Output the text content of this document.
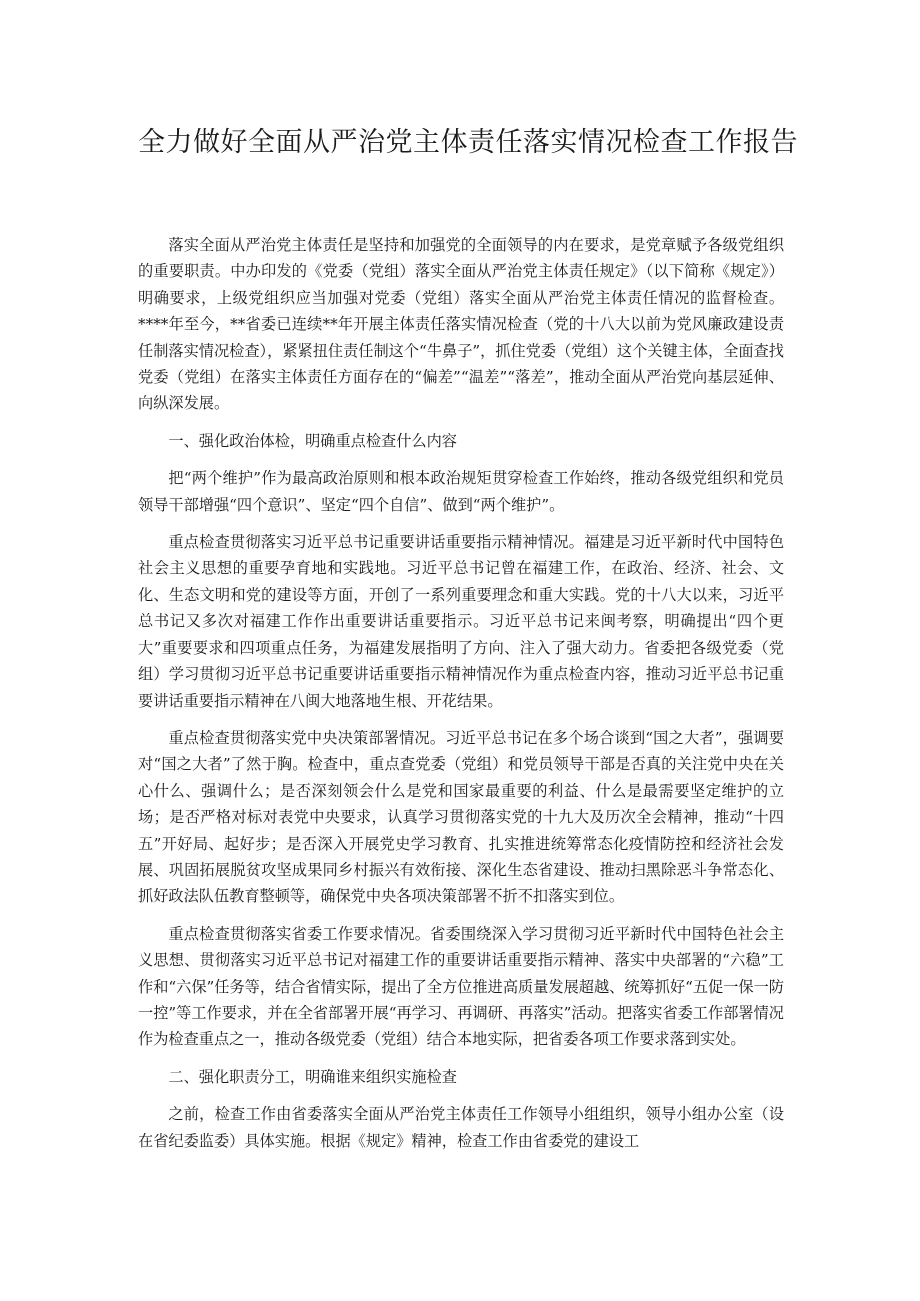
全力做好全面从严治党主体责任落实情况检查工作报告

落实全面从严治党主体责任是坚持和加强党的全面领导的内在要求，是党章赋予各级党组织的重要职责。中办印发的《党委（党组）落实全面从严治党主体责任规定》（以下简称《规定》）明确要求，上级党组织应当加强对党委（党组）落实全面从严治党主体责任情况的监督检查。****年至今，**省委已连续**年开展主体责任落实情况检查（党的十八大以前为党风廉政建设责任制落实情况检查），紧紧扭住责任制这个“牛鼻子”，抓住党委（党组）这个关键主体，全面查找党委（党组）在落实主体责任方面存在的“偏差”“温差”“落差”，推动全面从严治党向基层延伸、向纵深发展。

一、强化政治体检，明确重点检查什么内容

把“两个维护”作为最高政治原则和根本政治规矩贯穿检查工作始终，推动各级党组织和党员领导干部增强“四个意识”、坚定“四个自信”、做到“两个维护”。

重点检查贯彻落实习近平总书记重要讲话重要指示精神情况。福建是习近平新时代中国特色社会主义思想的重要孕育地和实践地。习近平总书记曾在福建工作，在政治、经济、社会、文化、生态文明和党的建设等方面，开创了一系列重要理念和重大实践。党的十八大以来，习近平总书记又多次对福建工作作出重要讲话重要指示。习近平总书记来闽考察，明确提出“四个更大”重要要求和四项重点任务，为福建发展指明了方向、注入了强大动力。省委把各级党委（党组）学习贯彻习近平总书记重要讲话重要指示精神情况作为重点检查内容，推动习近平总书记重要讲话重要指示精神在八闽大地落地生根、开花结果。

重点检查贯彻落实党中央决策部署情况。习近平总书记在多个场合谈到“国之大者”，强调要对“国之大者”了然于胸。检查中，重点查党委（党组）和党员领导干部是否真的关注党中央在关心什么、强调什么；是否深刻领会什么是党和国家最重要的利益、什么是最需要坚定维护的立场；是否严格对标对表党中央要求，认真学习贯彻落实党的十九大及历次全会精神，推动“十四五”开好局、起好步；是否深入开展党史学习教育、扎实推进统筹常态化疫情防控和经济社会发展、巩固拓展脱贫攻坚成果同乡村振兴有效衔接、深化生态省建设、推动扫黑除恶斗争常态化、抓好政法队伍教育整顿等，确保党中央各项决策部署不折不扣落实到位。

重点检查贯彻落实省委工作要求情况。省委围绕深入学习贯彻习近平新时代中国特色社会主义思想、贯彻落实习近平总书记对福建工作的重要讲话重要指示精神、落实中央部署的“六稳”工作和“六保”任务等，结合省情实际，提出了全方位推进高质量发展超越、统筹抓好“五促一保一防一控”等工作要求，并在全省部署开展“再学习、再调研、再落实”活动。把落实省委工作部署情况作为检查重点之一，推动各级党委（党组）结合本地实际，把省委各项工作要求落到实处。

二、强化职责分工，明确谁来组织实施检查

之前，检查工作由省委落实全面从严治党主体责任工作领导小组组织，领导小组办公室（设在省纪委监委）具体实施。根据《规定》精神，检查工作由省委党的建设工
